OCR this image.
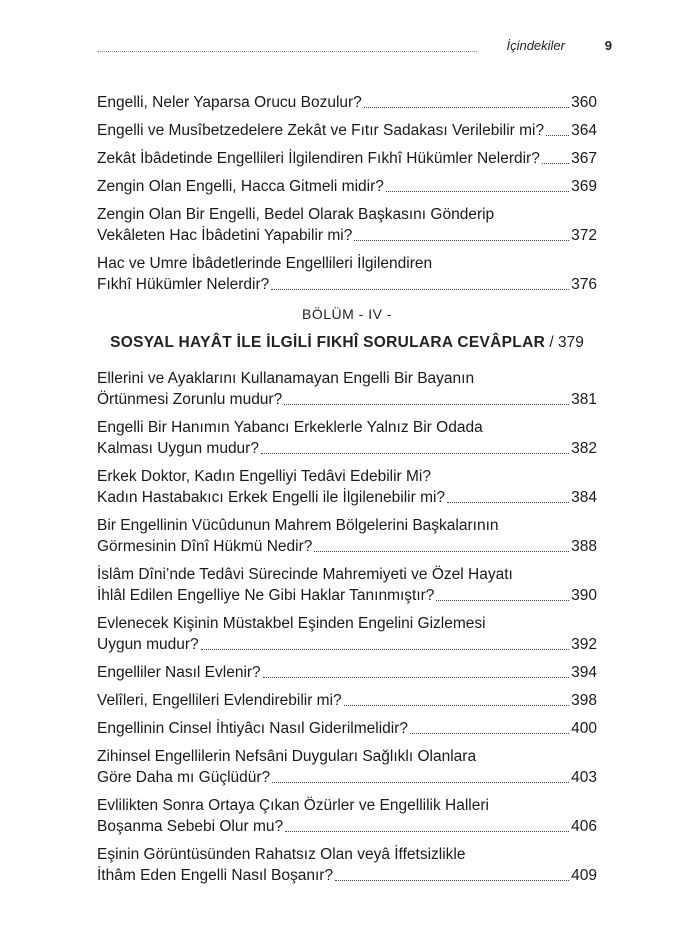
İçindekiler	9
Engelli, Neler Yaparsa Orucu Bozulur?	360
Engelli ve Musîbetzedelere Zekât ve Fıtır Sadakası Verilebilir mi? 364
Zekât İbâdetinde Engellileri İlgilendiren Fıkhî Hükümler Nelerdir? 367
Zengin Olan Engelli, Hacca Gitmeli midir?	369
Zengin Olan Bir Engelli, Bedel Olarak Başkasını Gönderip
Vekâleten Hac İbâdetini Yapabilir mi?	372
Hac ve Umre İbâdetlerinde Engellileri İlgilendiren
Fıkhî Hükümler Nelerdir?	376
BÖLÜM - IV -
SOSYAL HAYÂT İLE İLGİLİ FIKHÎ SORULARA CEVÂPLAR / 379
Ellerini ve Ayaklarını Kullanamayan Engelli Bir Bayanın
Örtünmesi Zorunlu mudur?	381
Engelli Bir Hanımın Yabancı Erkeklerle Yalnız Bir Odada
Kalması Uygun mudur?	382
Erkek Doktor, Kadın Engelliyi Tedâvi Edebilir Mi?
Kadın Hastabakıcı Erkek Engelli ile İlgilenebilir mi?	384
Bir Engellinin Vücûdunun Mahrem Bölgelerini Başkalarının
Görmesinin Dînî Hükmü Nedir?	388
İslâm Dîni’nde Tedâvi Sürecinde Mahremiyeti ve Özel Hayatı
İhlâl Edilen Engelliye Ne Gibi Haklar Tanınmıştır?	390
Evlenecek Kişinin Müstakbel Eşinden Engelini Gizlemesi
Uygun mudur?	392
Engelliler Nasıl Evlenir?	394
Velîleri, Engellileri Evlendirebilir mi?	398
Engellinin Cinsel İhtiyâcı Nasıl Giderilmelidir?	400
Zihinsel Engellilerin Nefsâni Duyguları Sağlıklı Olanlara
Göre Daha mı Güçlüdür?	403
Evlilikten Sonra Ortaya Çıkan Özürler ve Engellilik Halleri
Boşanma Sebebi Olur mu?	406
Eşinin Görüntüsünden Rahatsız Olan veyâ İffetsizlikle
İthâm Eden Engelli Nasıl Boşanır?	409
